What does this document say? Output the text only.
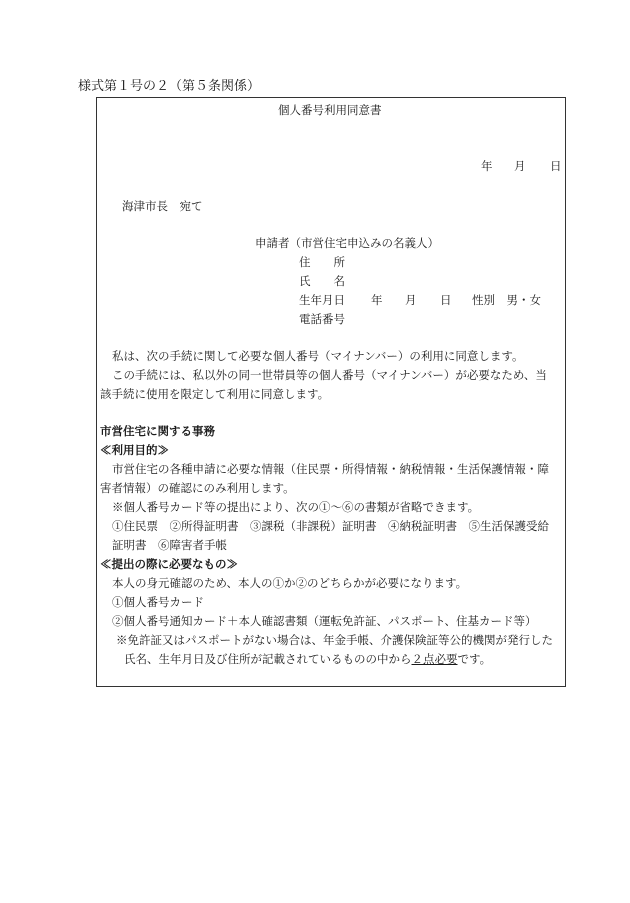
様式第１号の２（第５条関係）
個人番号利用同意書
年 月 日
海津市長　宛て
申請者（市営住宅申込みの名義人）
住　　所
氏　　名
生年月日 年 月 日 性別　男・女
電話番号
私は、次の手続に関して必要な個人番号（マイナンバー）の利用に同意します。
この手続には、私以外の同一世帯員等の個人番号（マイナンバー）が必要なため、当
該手続に使用を限定して利用に同意します。
市営住宅に関する事務
≪利用目的≫
市営住宅の各種申請に必要な情報（住民票・所得情報・納税情報・生活保護情報・障
害者情報）の確認にのみ利用します。
※個人番号カード等の提出により、次の①～⑥の書類が省略できます。
①住民票　②所得証明書　③課税（非課税）証明書　④納税証明書　⑤生活保護受給
証明書　⑥障害者手帳
≪提出の際に必要なもの≫
本人の身元確認のため、本人の①か②のどちらかが必要になります。
①個人番号カード
②個人番号通知カード＋本人確認書類（運転免許証、パスポート、住基カード等）
※免許証又はパスポートがない場合は、年金手帳、介護保険証等公的機関が発行した
氏名、生年月日及び住所が記載されているものの中から２点必要です。
